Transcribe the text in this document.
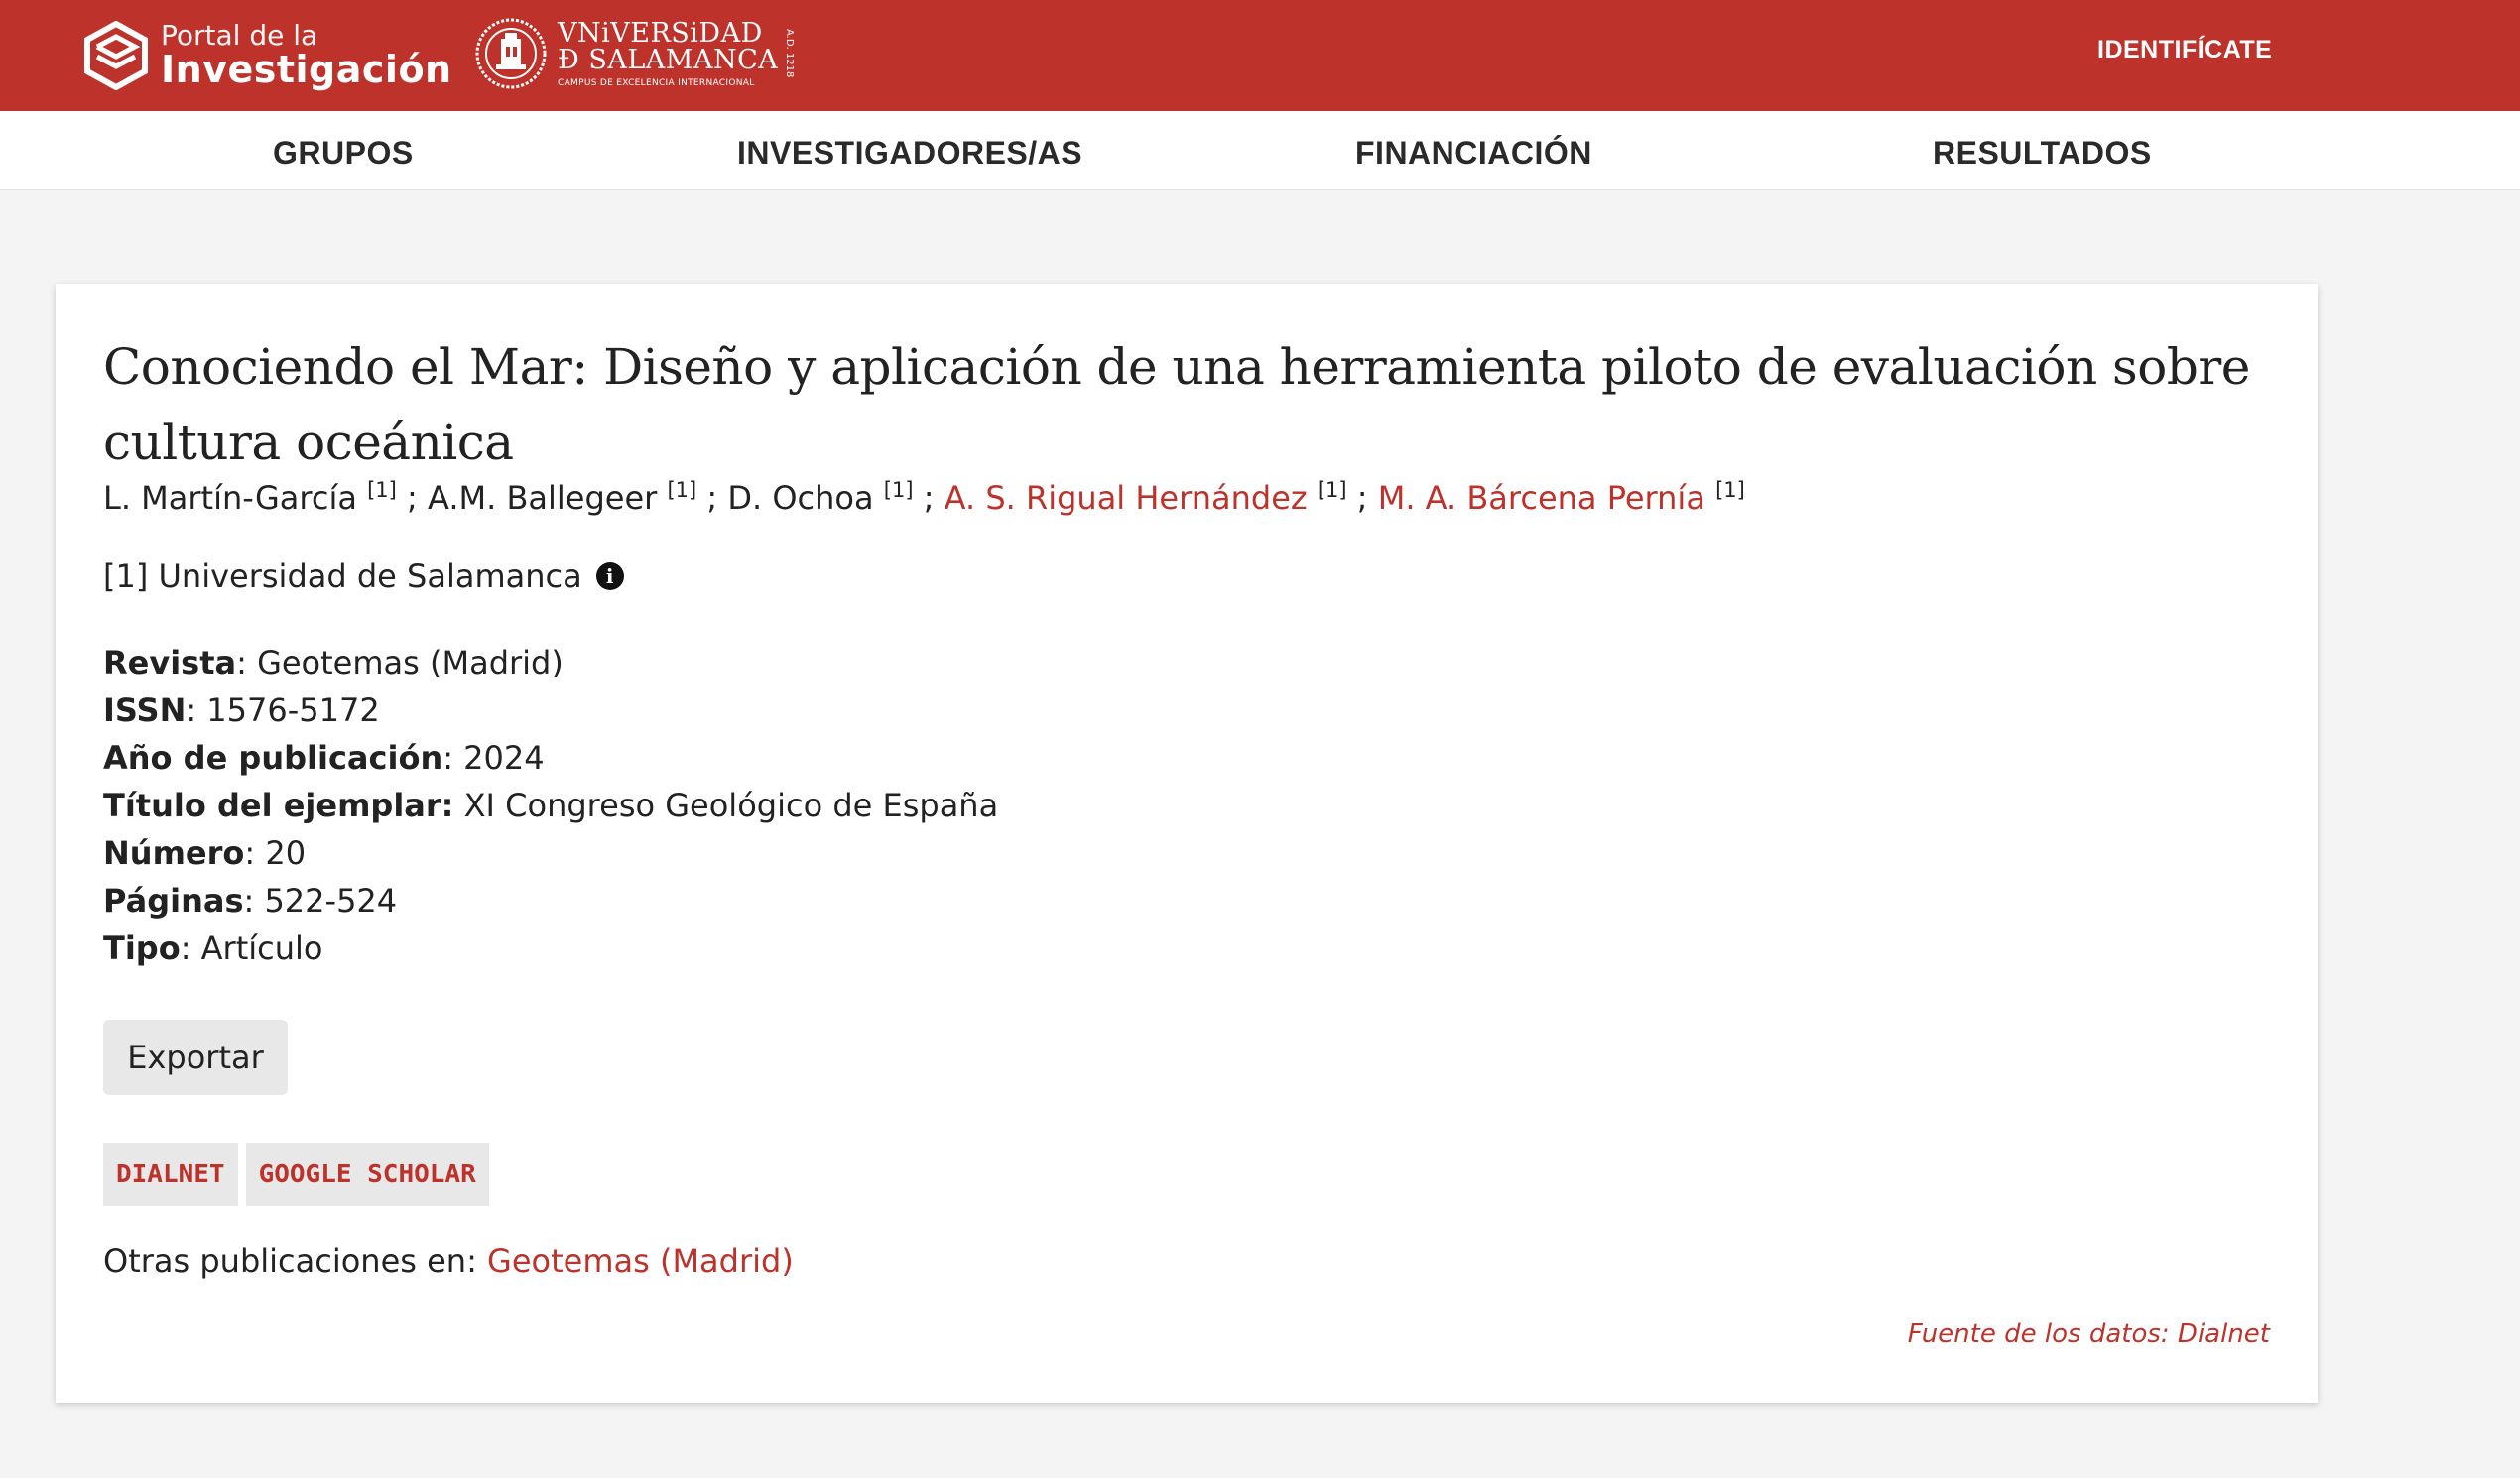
Portal de la
Investigación
VNiVERSiDAD
Ð SALAMANCA
CAMPUS DE EXCELENCIA INTERNACIONAL
A.D. 1218	IDENTIFÍCATE
GRUPOS	INVESTIGADORES/AS	FINANCIACIÓN	RESULTADOS
Conociendo el Mar: Diseño y aplicación de una herramienta piloto de evaluación sobre cultura oceánica
L. Martín-García [1] ; A.M. Ballegeer [1] ; D. Ochoa [1] ; A. S. Rigual Hernández [1] ; M. A. Bárcena Pernía [1]
[1] Universidad de Salamanca	i
Revista: Geotemas (Madrid)
ISSN: 1576-5172
Año de publicación: 2024
Título del ejemplar: XI Congreso Geológico de España
Número: 20
Páginas: 522-524
Tipo: Artículo
Exportar
DIALNET	GOOGLE SCHOLAR
Otras publicaciones en: Geotemas (Madrid)
Fuente de los datos: Dialnet
